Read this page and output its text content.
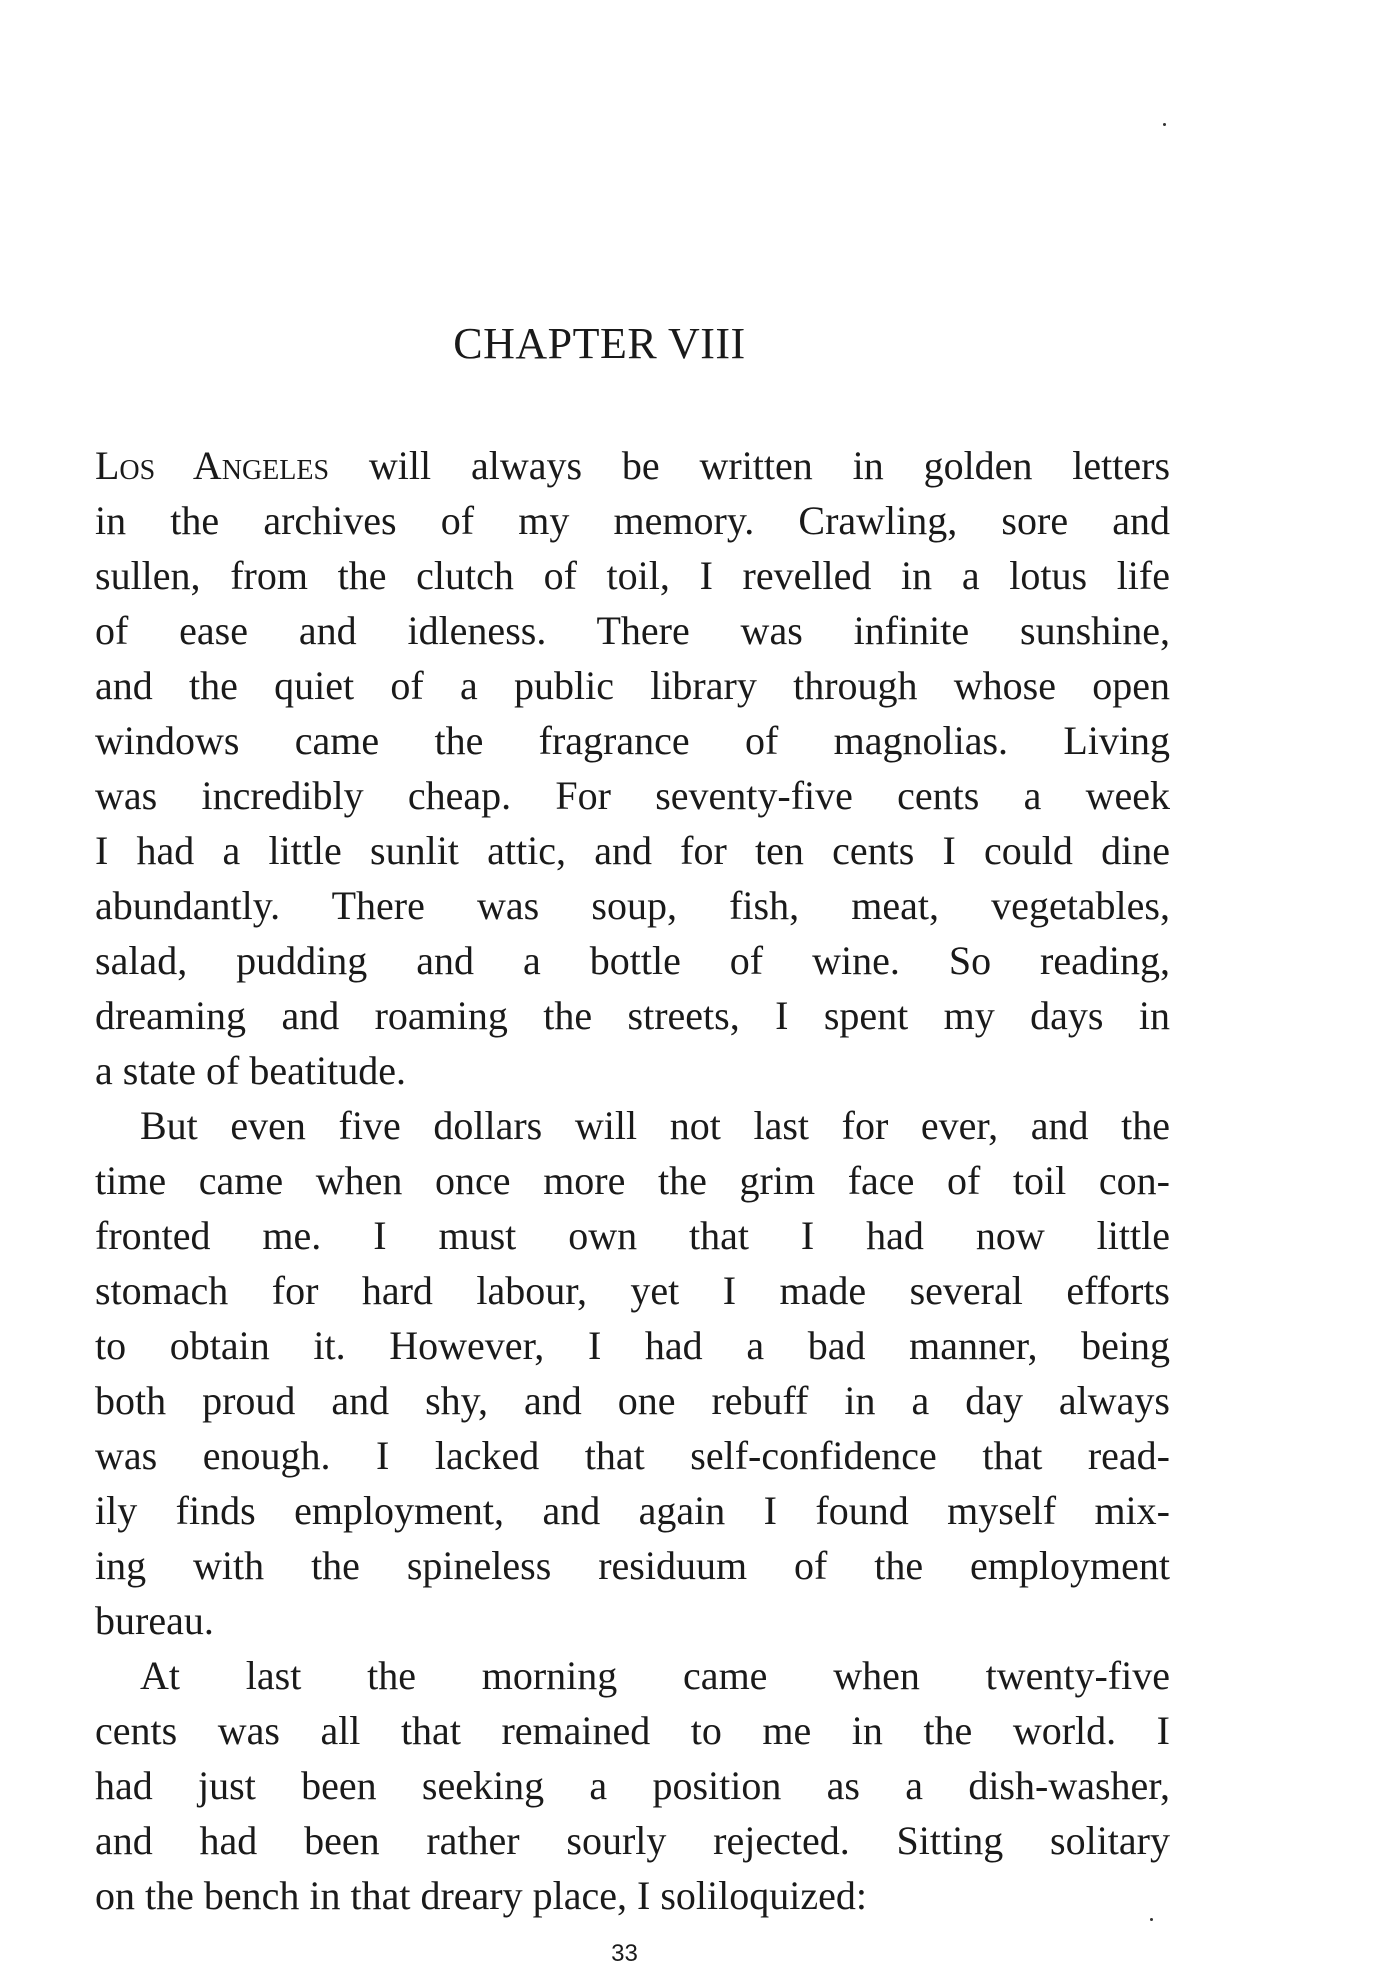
CHAPTER VIII
Los Angeles will always be written in golden letters
in the archives of my memory. Crawling, sore and
sullen, from the clutch of toil, I revelled in a lotus life
of ease and idleness. There was infinite sunshine,
and the quiet of a public library through whose open
windows came the fragrance of magnolias. Living
was incredibly cheap. For seventy-five cents a week
I had a little sunlit attic, and for ten cents I could dine
abundantly. There was soup, fish, meat, vegetables,
salad, pudding and a bottle of wine. So reading,
dreaming and roaming the streets, I spent my days in
a state of beatitude.
But even five dollars will not last for ever, and the
time came when once more the grim face of toil con-
fronted me. I must own that I had now little
stomach for hard labour, yet I made several efforts
to obtain it. However, I had a bad manner, being
both proud and shy, and one rebuff in a day always
was enough. I lacked that self-confidence that read-
ily finds employment, and again I found myself mix-
ing with the spineless residuum of the employment
bureau.
At last the morning came when twenty-five
cents was all that remained to me in the world. I
had just been seeking a position as a dish-washer,
and had been rather sourly rejected. Sitting solitary
on the bench in that dreary place, I soliloquized:
33
